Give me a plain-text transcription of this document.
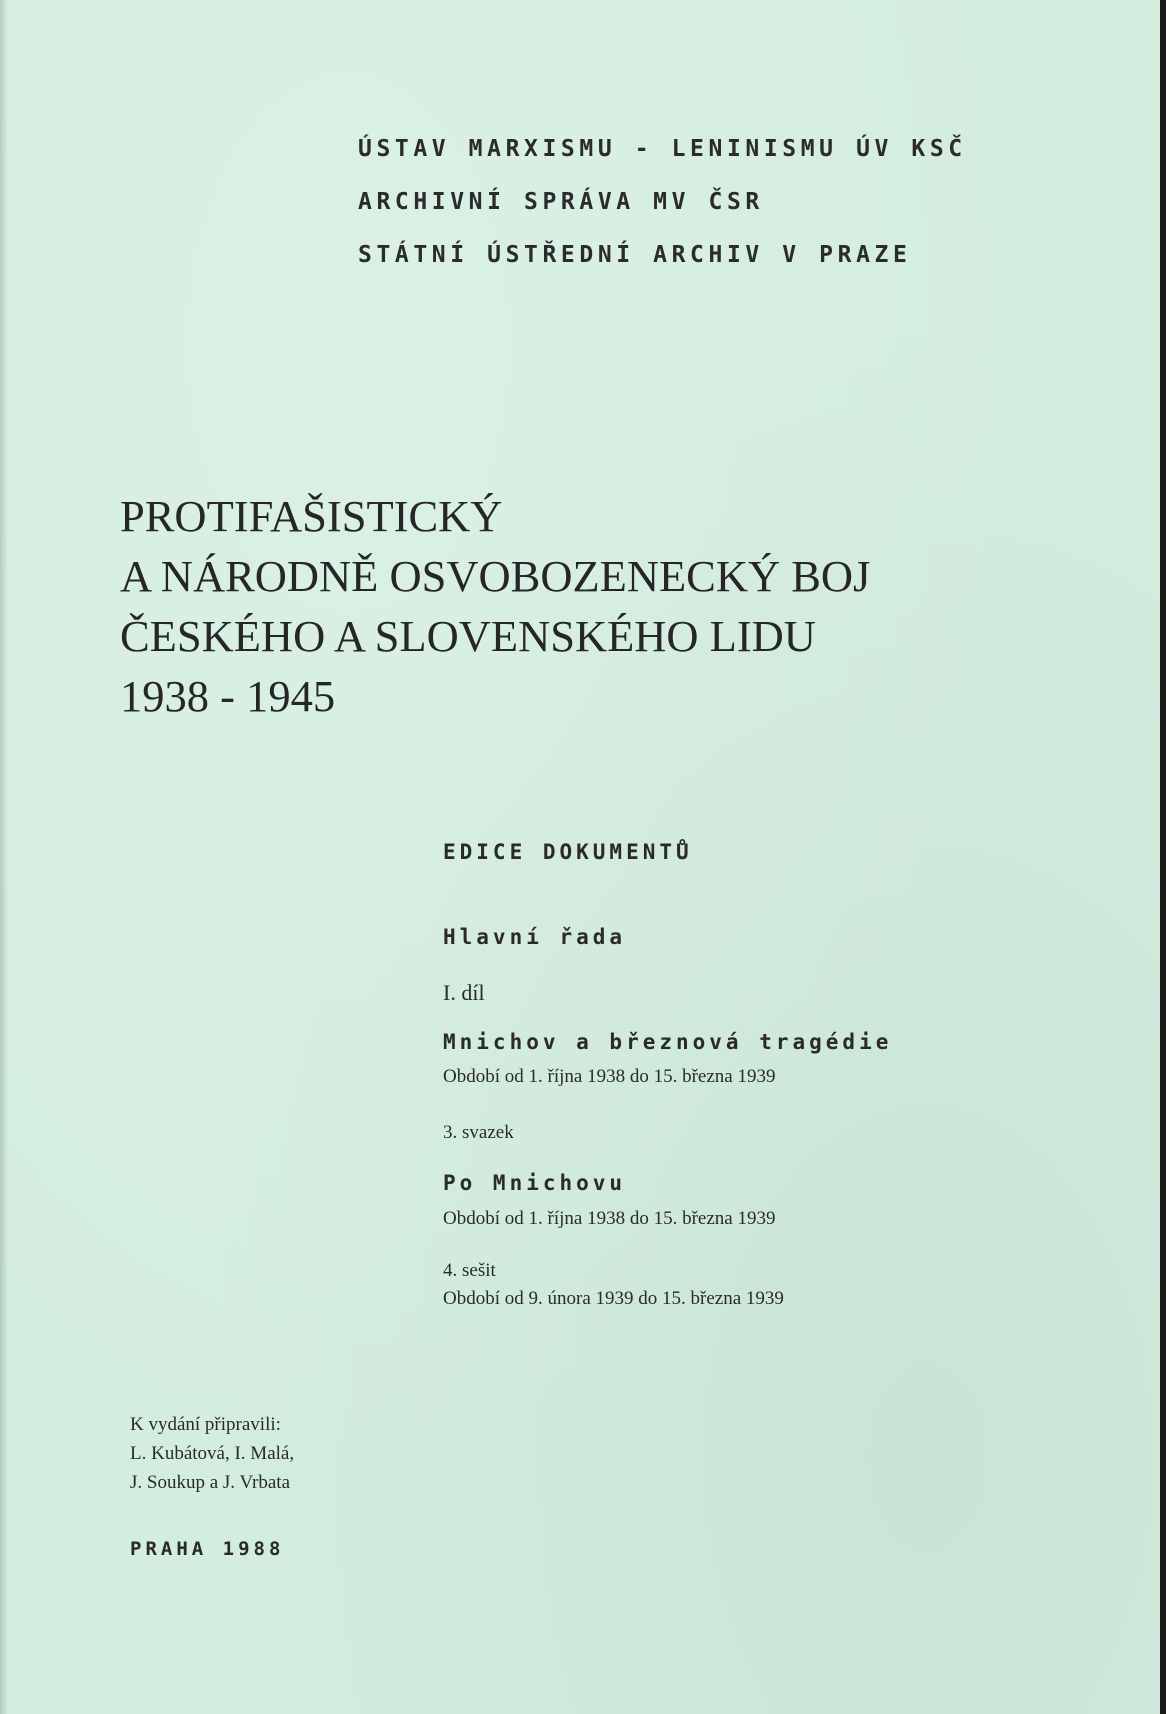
ÚSTAV MARXISMU - LENINISMU ÚV KSČ
ARCHIVNÍ SPRÁVA MV ČSR
STÁTNÍ ÚSTŘEDNÍ ARCHIV V PRAZE
PROTIFAŠISTICKÝ
A NÁRODNĚ OSVOBOZENECKÝ BOJ
ČESKÉHO A SLOVENSKÉHO LIDU
1938 - 1945
EDICE DOKUMENTŮ
Hlavní řada
I. díl
Mnichov a březnová tragédie
Období od 1. října 1938 do 15. března 1939
3. svazek
Po Mnichovu
Období od 1. října 1938 do 15. března 1939
4. sešit
Období od 9. února 1939 do 15. března 1939
K vydání připravili:
L. Kubátová, I. Malá,
J. Soukup a J. Vrbata
PRAHA 1988
